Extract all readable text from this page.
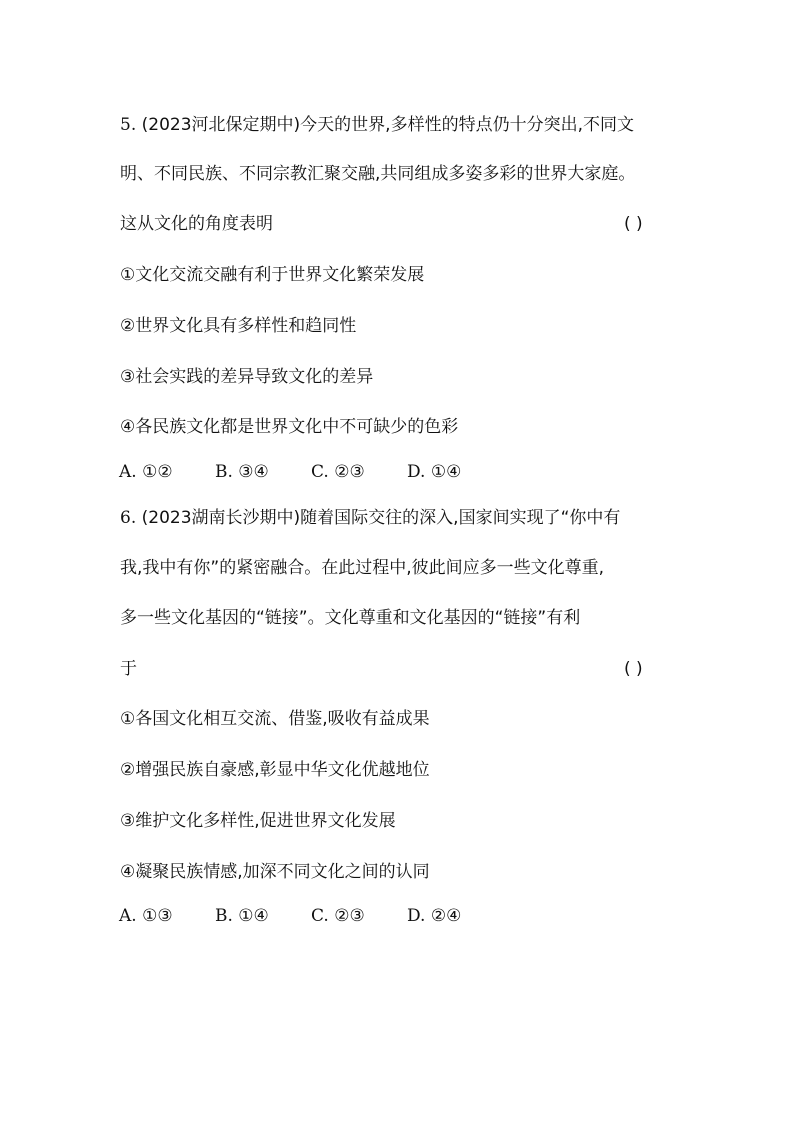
5. (2023河北保定期中)今天的世界,多样性的特点仍十分突出,不同文
明、不同民族、不同宗教汇聚交融,共同组成多姿多彩的世界大家庭。
这从文化的角度表明	( )
①文化交流交融有利于世界文化繁荣发展
②世界文化具有多样性和趋同性
③社会实践的差异导致文化的差异
④各民族文化都是世界文化中不可缺少的色彩
A. ①② B. ③④ C. ②③ D. ①④
6. (2023湖南长沙期中)随着国际交往的深入,国家间实现了“你中有
我,我中有你”的紧密融合。在此过程中,彼此间应多一些文化尊重,
多一些文化基因的“链接”。文化尊重和文化基因的“链接”有利
于	( )
①各国文化相互交流、借鉴,吸收有益成果
②增强民族自豪感,彰显中华文化优越地位
③维护文化多样性,促进世界文化发展
④凝聚民族情感,加深不同文化之间的认同
A. ①③ B. ①④ C. ②③ D. ②④
